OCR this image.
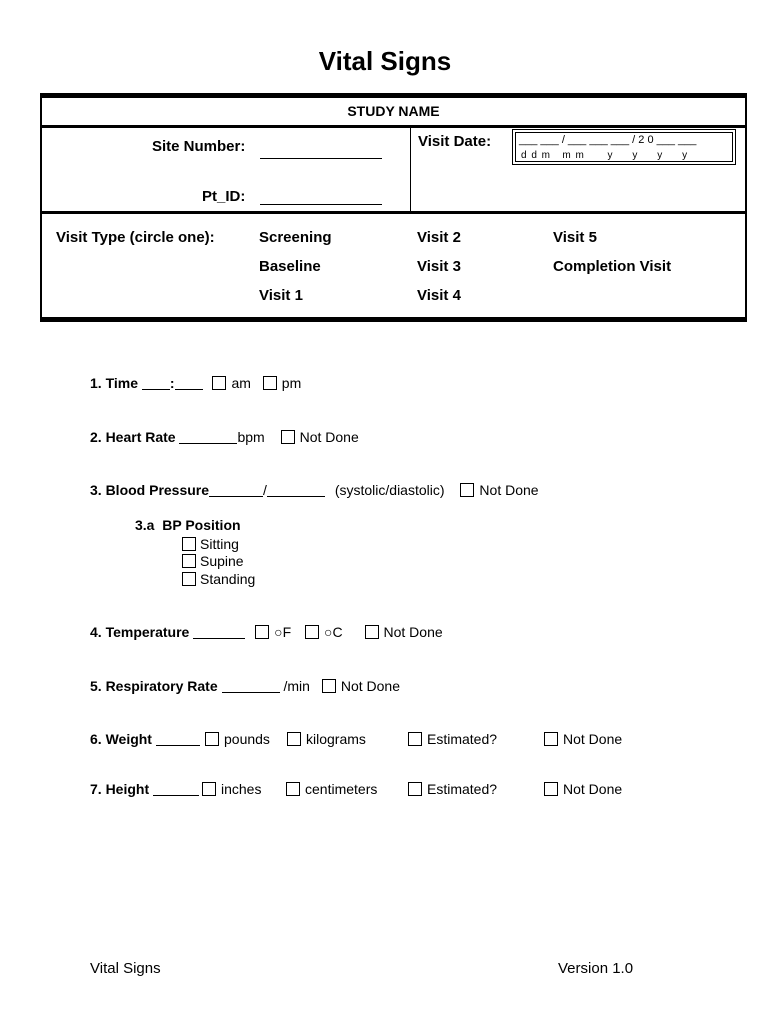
Vital Signs
STUDY NAME
Site Number:
Pt_ID:
Visit Date:	___ ___ / ___ ___ ___ / 2 0 ___ ___
d d m   m m      y     y     y     y
Visit Type (circle one):	Screening	Visit 2	Visit 5
Baseline	Visit 3	Completion Visit
Visit 1	Visit 4
1. Time :	am pm
2. Heart Rate	bpm Not Done
3. Blood Pressure	/	(systolic/diastolic) Not Done
3.a  BP Position
Sitting
Supine
Standing
4. Temperature	○F ○C	Not Done
5. Respiratory Rate	/min Not Done
6. Weight	pounds	kilograms	Estimated?	Not Done
7. Height	inches	centimeters	Estimated?	Not Done
Vital Signs	Version 1.0
